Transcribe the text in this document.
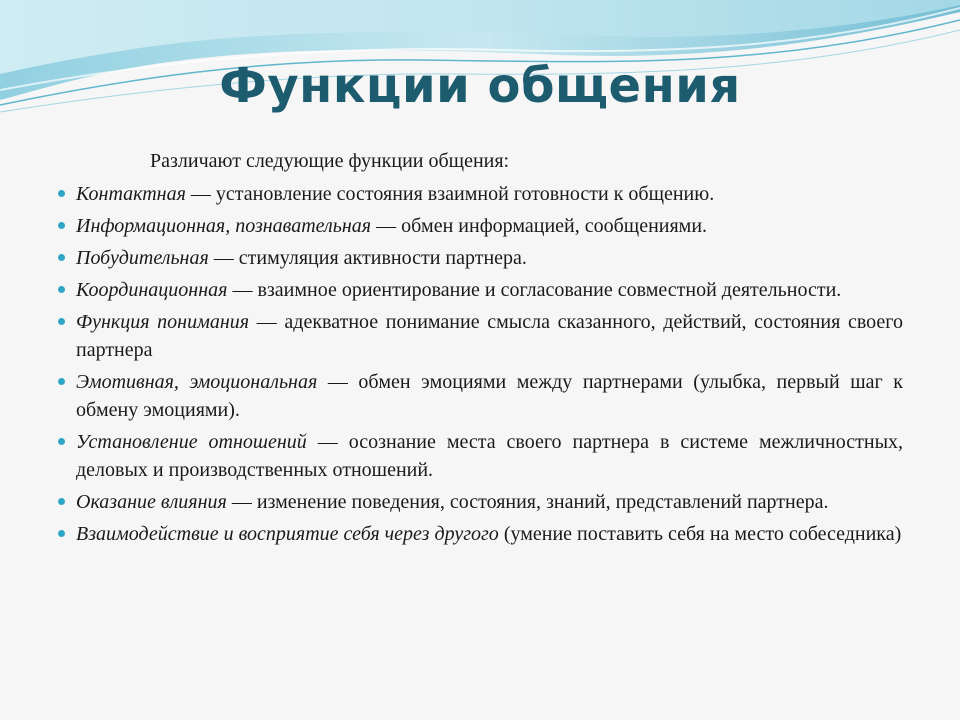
Функции общения
Различают следующие функции общения:
Контактная — установление состояния взаимной готовности к общению.
Информационная, познавательная — обмен информацией, сообщениями.
Побудительная — стимуляция активности партнера.
Координационная — взаимное ориентирование и согласование совместной деятельности.
Функция понимания — адекватное понимание смысла сказанного, действий, состояния своего партнера
Эмотивная, эмоциональная — обмен эмоциями между партнерами (улыбка, первый шаг к обмену эмоциями).
Установление отношений — осознание места своего партнера в системе межличностных, деловых и производственных отношений.
Оказание влияния — изменение поведения, состояния, знаний, представлений партнера.
Взаимодействие и восприятие себя через другого (умение поставить себя на место собеседника)
